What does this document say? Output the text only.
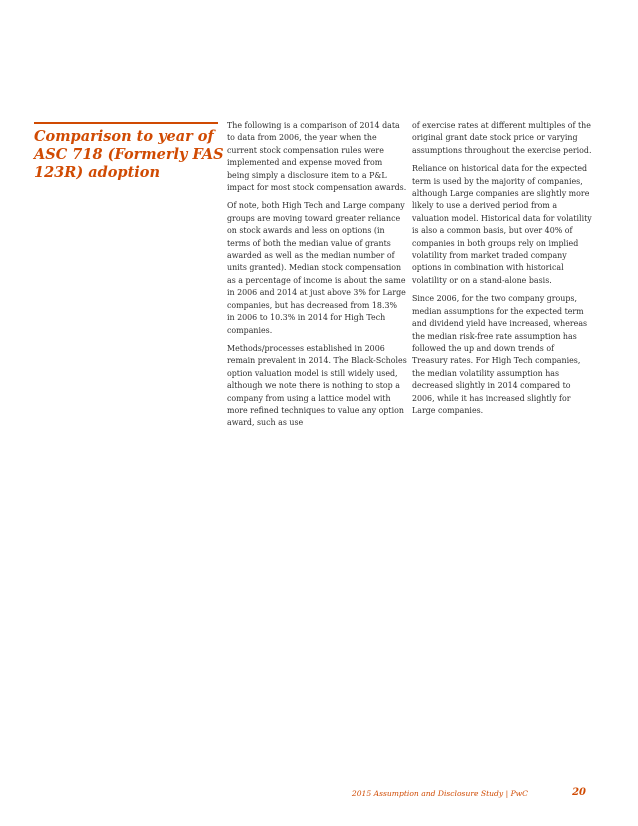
Comparison to year of ASC 718 (Formerly FAS 123R) adoption

The following is a comparison of 2014 data to data from 2006, the year when the current stock compensation rules were implemented and expense moved from being simply a disclosure item to a P&L impact for most stock compensation awards.

Of note, both High Tech and Large company groups are moving toward greater reliance on stock awards and less on options (in terms of both the median value of grants awarded as well as the median number of units granted). Median stock compensation as a percentage of income is about the same in 2006 and 2014 at just above 3% for Large companies, but has decreased from 18.3% in 2006 to 10.3% in 2014 for High Tech companies.

Methods/processes established in 2006 remain prevalent in 2014. The Black-Scholes option valuation model is still widely used, although we note there is nothing to stop a company from using a lattice model with more refined techniques to value any option award, such as use

of exercise rates at different multiples of the original grant date stock price or varying assumptions throughout the exercise period.

Reliance on historical data for the expected term is used by the majority of companies, although Large companies are slightly more likely to use a derived period from a valuation model. Historical data for volatility is also a common basis, but over 40% of companies in both groups rely on implied volatility from market traded company options in combination with historical volatility or on a stand-alone basis.

Since 2006, for the two company groups, median assumptions for the expected term and dividend yield have increased, whereas the median risk-free rate assumption has followed the up and down trends of Treasury rates. For High Tech companies, the median volatility assumption has decreased slightly in 2014 compared to 2006, while it has increased slightly for Large companies.

2015 Assumption and Disclosure Study | PwC	20
